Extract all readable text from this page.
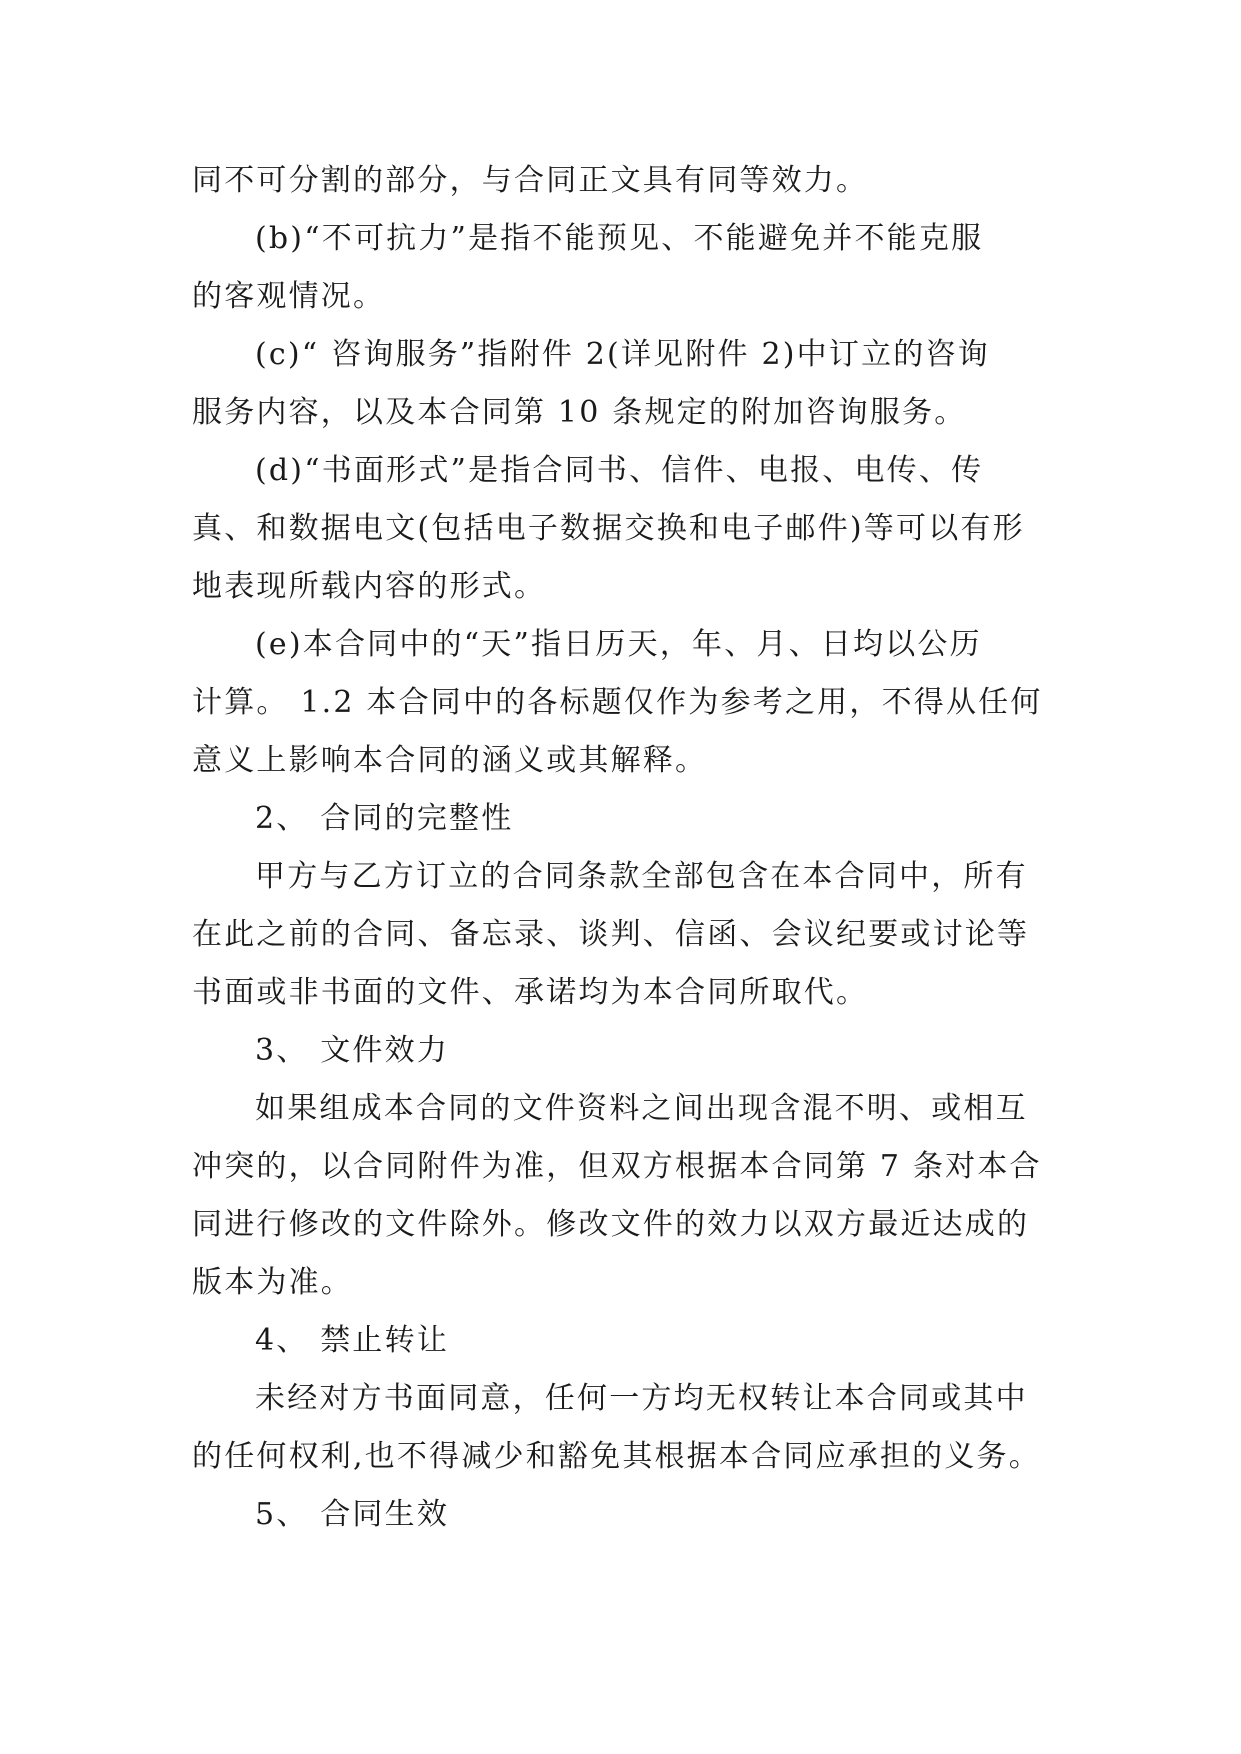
同不可分割的部分，与合同正文具有同等效力。
(b)“不可抗力”是指不能预见、不能避免并不能克服
的客观情况。
(c)“ 咨询服务”指附件 2(详见附件 2)中订立的咨询
服务内容，以及本合同第 10 条规定的附加咨询服务。
(d)“书面形式”是指合同书、信件、电报、电传、传
真、和数据电文(包括电子数据交换和电子邮件)等可以有形
地表现所载内容的形式。
(e)本合同中的“天”指日历天，年、月、日均以公历
计算。 1.2 本合同中的各标题仅作为参考之用，不得从任何
意义上影响本合同的涵义或其解释。
2、 合同的完整性
甲方与乙方订立的合同条款全部包含在本合同中，所有
在此之前的合同、备忘录、谈判、信函、会议纪要或讨论等
书面或非书面的文件、承诺均为本合同所取代。
3、 文件效力
如果组成本合同的文件资料之间出现含混不明、或相互
冲突的，以合同附件为准，但双方根据本合同第 7 条对本合
同进行修改的文件除外。修改文件的效力以双方最近达成的
版本为准。
4、 禁止转让
未经对方书面同意，任何一方均无权转让本合同或其中
的任何权利,也不得减少和豁免其根据本合同应承担的义务。
5、 合同生效
